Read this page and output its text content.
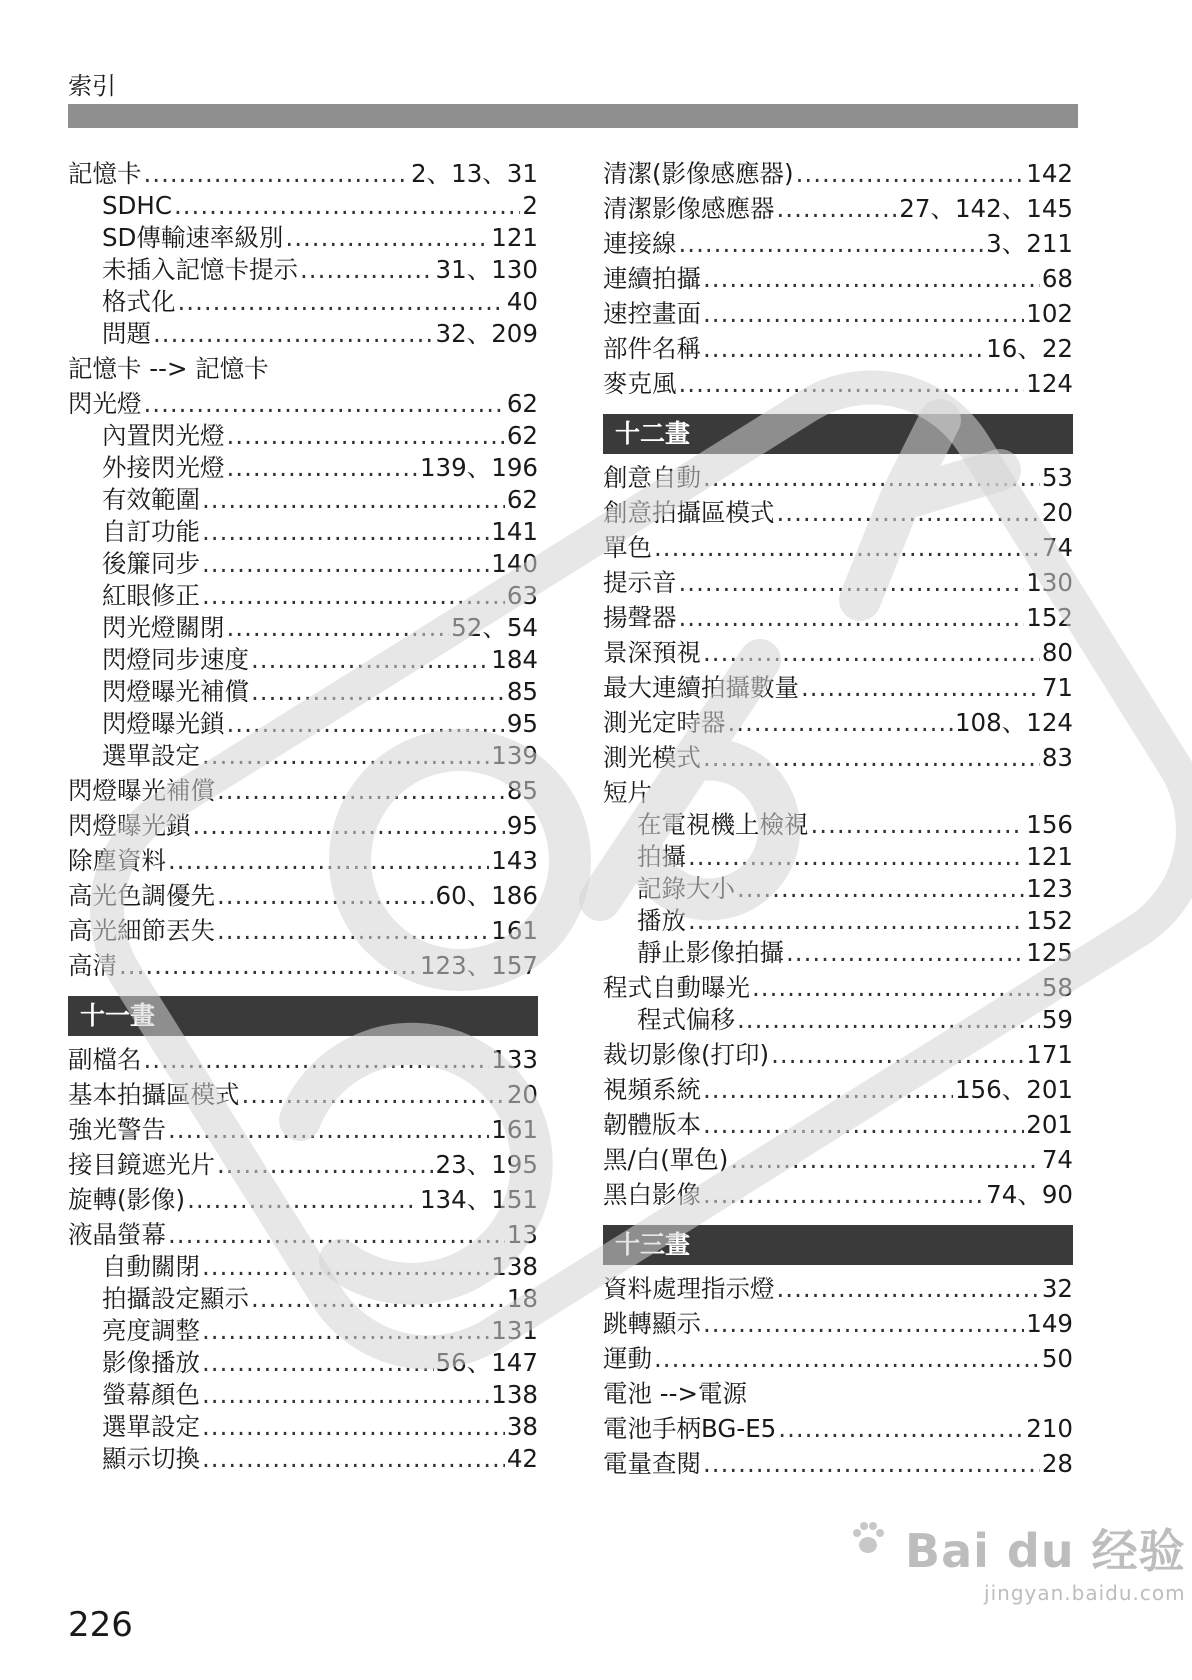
索引
記憶卡 .....	2、13、31
SDHC .....	2
SD傳輸速率級別 .....	121
未插入記憶卡提示 .....	31、130
格式化 .....	40
問題 .....	32、209
記憶卡 --> 記憶卡
閃光燈 .....	62
內置閃光燈 .....	62
外接閃光燈 .....	139、196
有效範圍 .....	62
自訂功能 .....	141
後簾同步 .....	140
紅眼修正 .....	63
閃光燈關閉 .....	52、54
閃燈同步速度 .....	184
閃燈曝光補償 .....	85
閃燈曝光鎖 .....	95
選單設定 .....	139
閃燈曝光補償 .....	85
閃燈曝光鎖 .....	95
除塵資料 .....	143
高光色調優先 .....	60、186
高光細節丟失 .....	161
高清 .....	123、157
十一畫
副檔名 .....	133
基本拍攝區模式 .....	20
強光警告 .....	161
接目鏡遮光片 .....	23、195
旋轉(影像) .....	134、151
液晶螢幕 .....	13
自動關閉 .....	138
拍攝設定顯示 .....	18
亮度調整 .....	131
影像播放 .....	56、147
螢幕顏色 .....	138
選單設定 .....	38
顯示切換 .....	42
清潔(影像感應器) .....	142
清潔影像感應器 .....	27、142、145
連接線 .....	3、211
連續拍攝 .....	68
速控畫面 .....	102
部件名稱 .....	16、22
麥克風 .....	124
十二畫
創意自動 .....	53
創意拍攝區模式 .....	20
單色 .....	74
提示音 .....	130
揚聲器 .....	152
景深預視 .....	80
最大連續拍攝數量 .....	71
測光定時器 .....	108、124
測光模式 .....	83
短片
在電視機上檢視 .....	156
拍攝 .....	121
記錄大小 .....	123
播放 .....	152
靜止影像拍攝 .....	125
程式自動曝光 .....	58
程式偏移 .....	59
裁切影像(打印) .....	171
視頻系統 .....	156、201
韌體版本 .....	201
黑/白(單色) .....	74
黑白影像 .....	74、90
十三畫
資料處理指示燈 .....	32
跳轉顯示 .....	149
運動 .....	50
電池 -->電源
電池手柄BG-E5 .....	210
電量查閱 .....	28
226
Bai du 经验
jingyan.baidu.com
